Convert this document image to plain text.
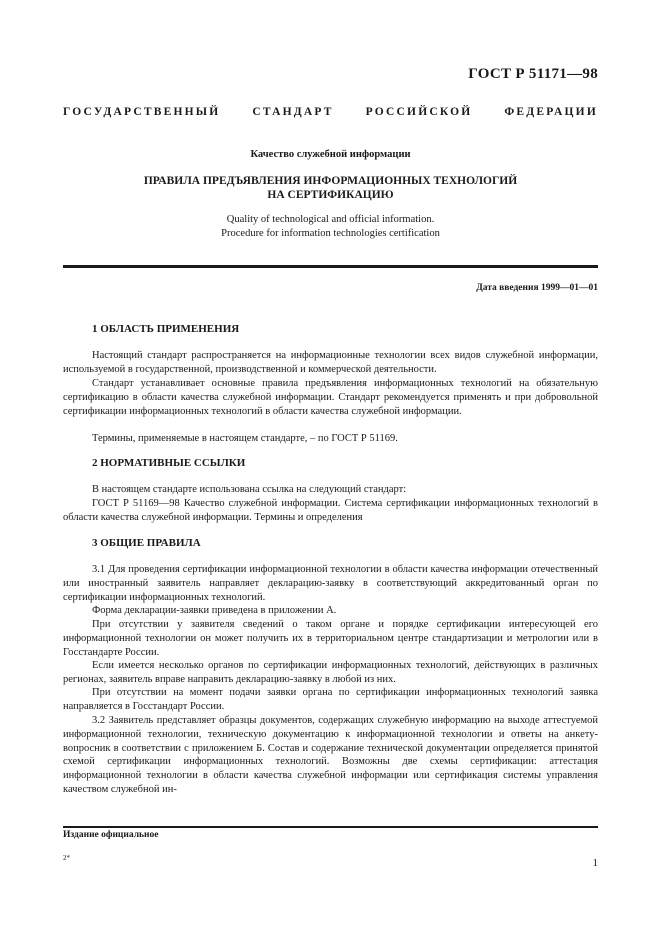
ГОСТ Р 51171—98
ГОСУДАРСТВЕННЫЙ	СТАНДАРТ	РОССИЙСКОЙ	ФЕДЕРАЦИИ
Качество служебной информации
ПРАВИЛА ПРЕДЪЯВЛЕНИЯ ИНФОРМАЦИОННЫХ ТЕХНОЛОГИЙ
НА СЕРТИФИКАЦИЮ
Quality of technological and official information.
Procedure for information technologies certification
Дата введения 1999—01—01
1 ОБЛАСТЬ ПРИМЕНЕНИЯ

Настоящий стандарт распространяется на информационные технологии всех видов служебной информации, используемой в государственной, производственной и коммерческой деятельности.

Стандарт устанавливает основные правила предъявления информационных технологий на обязательную сертификацию в области качества служебной информации. Стандарт рекомендуется применять и при добровольной сертификации информационных технологий в области качества служебной информации.

Термины, применяемые в настоящем стандарте, – по ГОСТ Р 51169.

2 НОРМАТИВНЫЕ ССЫЛКИ

В настоящем стандарте использована ссылка на следующий стандарт:

ГОСТ Р 51169—98 Качество служебной информации. Система сертификации информационных технологий в области качества служебной информации. Термины и определения

3 ОБЩИЕ ПРАВИЛА

3.1 Для проведения сертификации информационной технологии в области качества информации отечественный или иностранный заявитель направляет декларацию-заявку в соответствующий аккредитованный орган по сертификации информационных технологий.

Форма декларации-заявки приведена в приложении А.

При отсутствии у заявителя сведений о таком органе и порядке сертификации интересующей его информационной технологии он может получить их в территориальном центре стандартизации и метрологии или в Госстандарте России.

Если имеется несколько органов по сертификации информационных технологий, действующих в различных регионах, заявитель вправе направить декларацию-заявку в любой из них.

При отсутствии на момент подачи заявки органа по сертификации информационных технологий заявка направляется в Госстандарт России.

3.2 Заявитель представляет образцы документов, содержащих служебную информацию на выходе аттестуемой информационной технологии, техническую документацию к информационной технологии и ответы на анкету-вопросник в соответствии с приложением Б. Состав и содержание технической документации определяется принятой схемой сертификации информационных технологий. Возможны две схемы сертификации: аттестация информационной технологии в области качества служебной информации или сертификация системы управления качеством служебной ин-

Издание официальное
2*	1
